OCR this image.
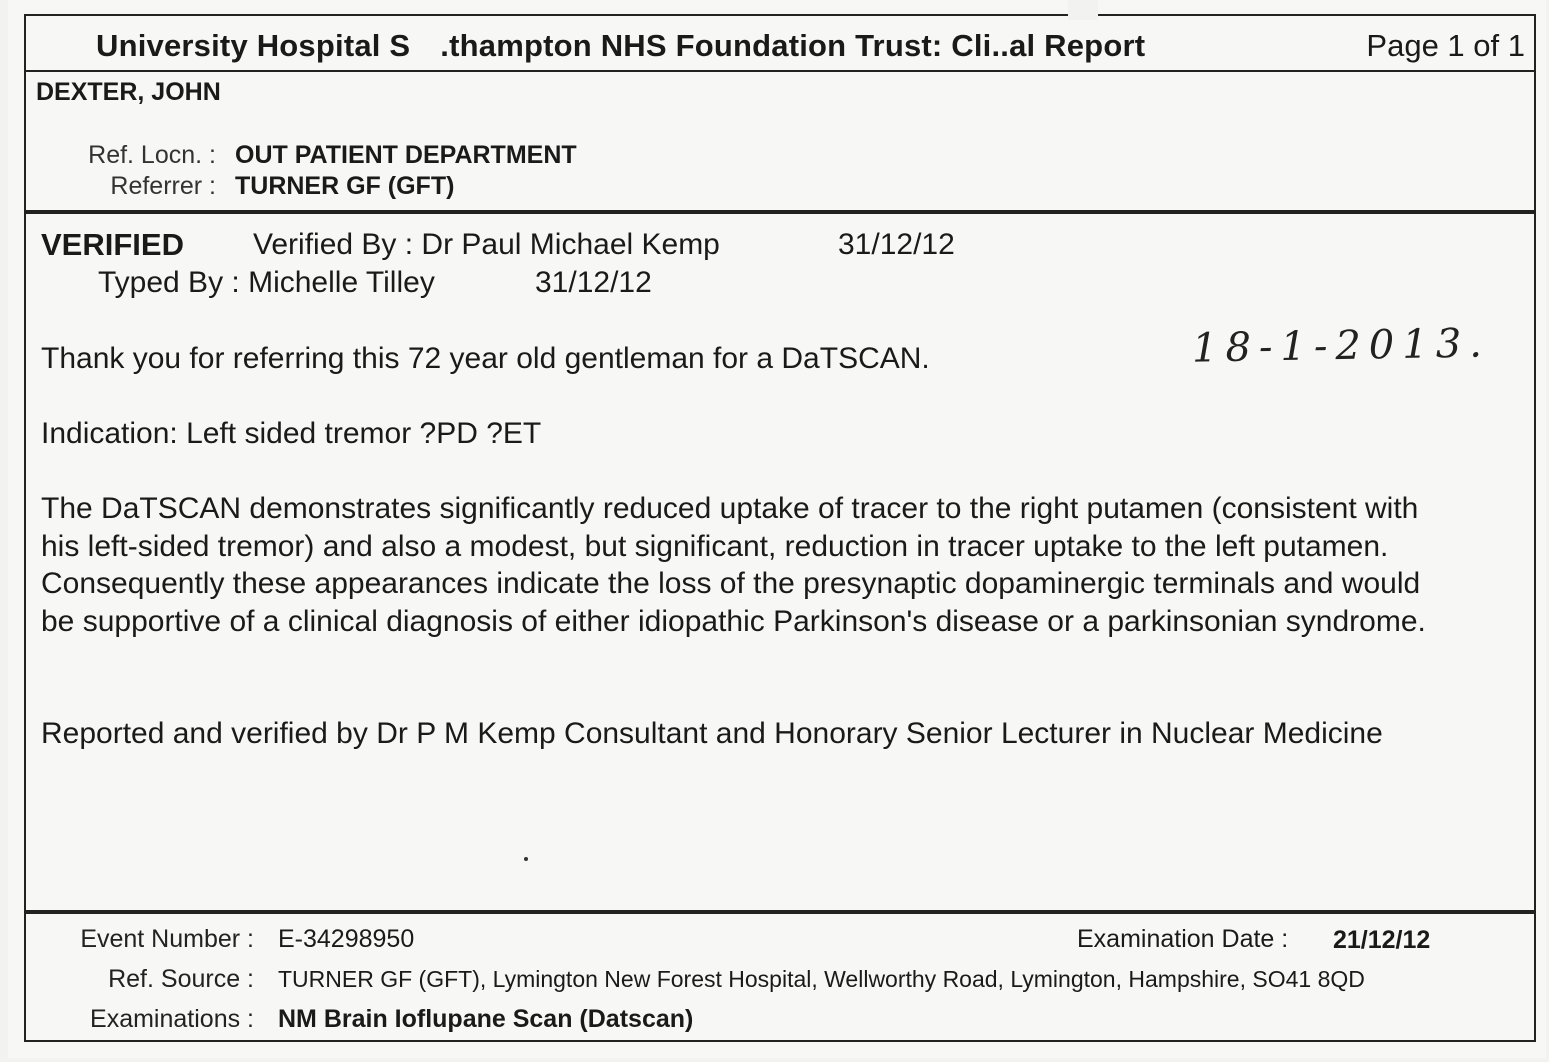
University Hospital S .thampton NHS Foundation Trust: Cli..al Report	Page 1 of 1
DEXTER, JOHN
Ref. Locn. : OUT PATIENT DEPARTMENT
Referrer : TURNER GF (GFT)
VERIFIED Verified By : Dr Paul Michael Kemp	31/12/12
Typed By : Michelle Tilley	31/12/12
Thank you for referring this 72 year old gentleman for a DaTSCAN.	18-1-2013.
Indication: Left sided tremor ?PD ?ET
The DaTSCAN demonstrates significantly reduced uptake of tracer to the right putamen (consistent with his left-sided tremor) and also a modest, but significant, reduction in tracer uptake to the left putamen. Consequently these appearances indicate the loss of the presynaptic dopaminergic terminals and would be supportive of a clinical diagnosis of either idiopathic Parkinson's disease or a parkinsonian syndrome.
Reported and verified by Dr P M Kemp Consultant and Honorary Senior Lecturer in Nuclear Medicine
Event Number : E-34298950	Examination Date : 21/12/12
Ref. Source : TURNER GF (GFT), Lymington New Forest Hospital, Wellworthy Road, Lymington, Hampshire, SO41 8QD
Examinations : NM Brain Ioflupane Scan (Datscan)
